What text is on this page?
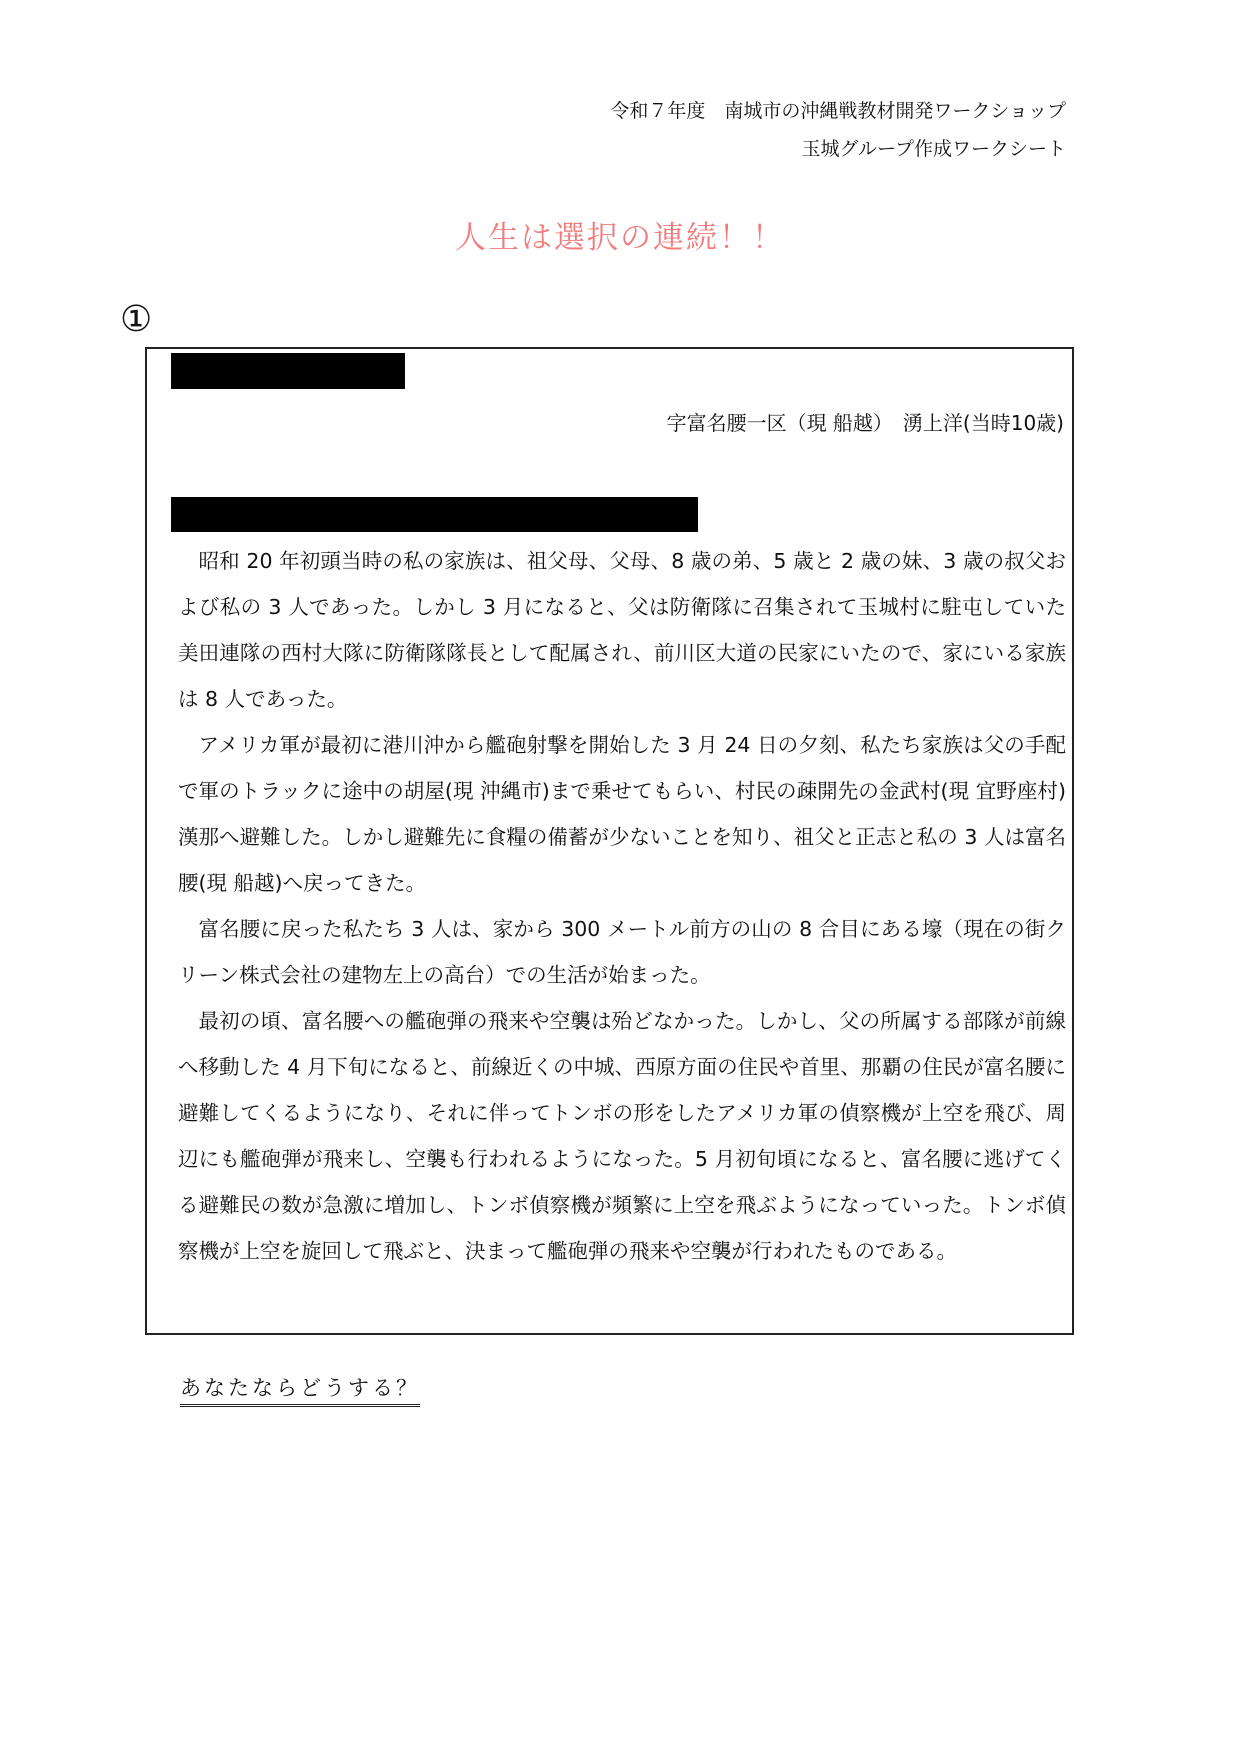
令和７年度　南城市の沖縄戦教材開発ワークショップ
玉城グループ作成ワークシート
人生は選択の連続！！
①
字富名腰一区（現 船越）　湧上洋(当時10歳)

昭和 20 年初頭当時の私の家族は、祖父母、父母、8 歳の弟、5 歳と 2 歳の妹、3 歳の叔父および私の 3 人であった。しかし 3 月になると、父は防衛隊に召集されて玉城村に駐屯していた美田連隊の西村大隊に防衛隊隊長として配属され、前川区大道の民家にいたので、家にいる家族は 8 人であった。

アメリカ軍が最初に港川沖から艦砲射撃を開始した 3 月 24 日の夕刻、私たち家族は父の手配で軍のトラックに途中の胡屋(現 沖縄市)まで乗せてもらい、村民の疎開先の金武村(現 宜野座村)漢那へ避難した。しかし避難先に食糧の備蓄が少ないことを知り、祖父と正志と私の 3 人は富名腰(現 船越)へ戻ってきた。

富名腰に戻った私たち 3 人は、家から 300 メートル前方の山の 8 合目にある壕（現在の街クリーン株式会社の建物左上の高台）での生活が始まった。

最初の頃、富名腰への艦砲弾の飛来や空襲は殆どなかった。しかし、父の所属する部隊が前線へ移動した 4 月下旬になると、前線近くの中城、西原方面の住民や首里、那覇の住民が富名腰に避難してくるようになり、それに伴ってトンボの形をしたアメリカ軍の偵察機が上空を飛び、周辺にも艦砲弾が飛来し、空襲も行われるようになった。5 月初旬頃になると、富名腰に逃げてくる避難民の数が急激に増加し、トンボ偵察機が頻繁に上空を飛ぶようになっていった。トンボ偵察機が上空を旋回して飛ぶと、決まって艦砲弾の飛来や空襲が行われたものである。

あなたならどうする？
